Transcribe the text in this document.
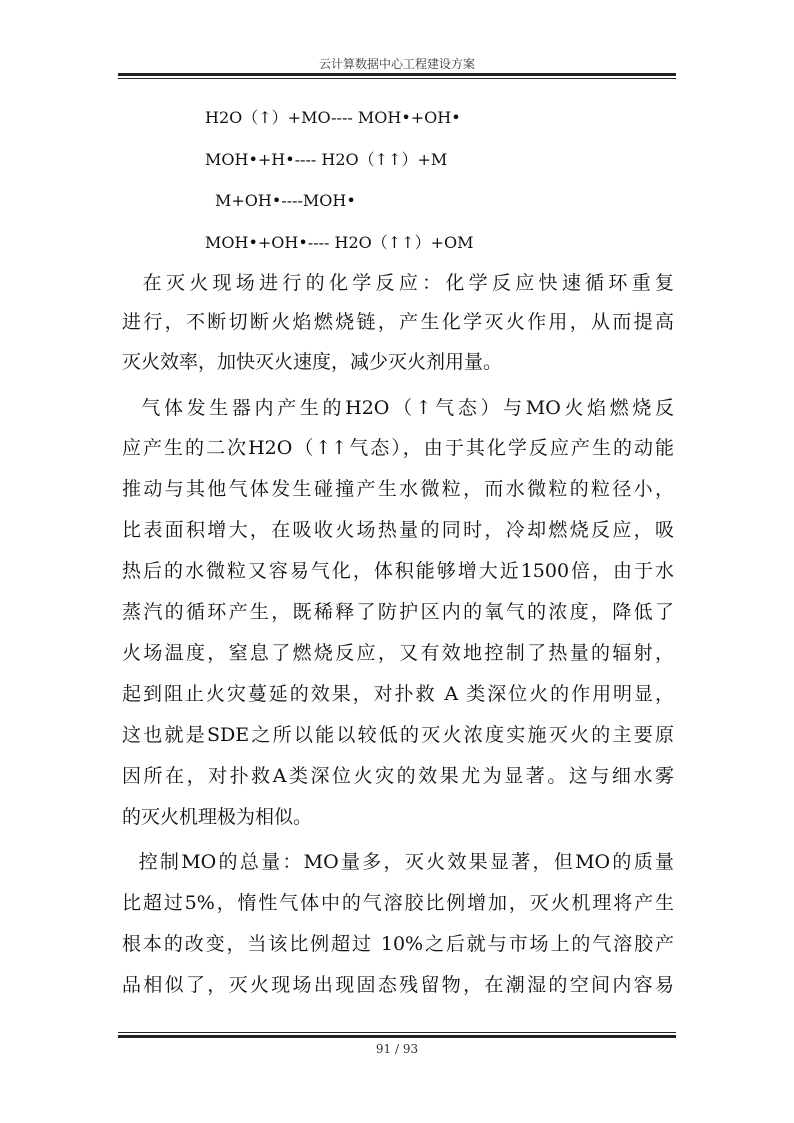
云计算数据中心工程建设方案
H2O（↑）+MO---- MOH•+OH•
MOH•+H•---- H2O（↑↑）+M
M+OH•----MOH•
MOH•+OH•---- H2O（↑↑）+OM
在灭火现场进行的化学反应：化学反应快速循环重复
进行，不断切断火焰燃烧链，产生化学灭火作用，从而提高
灭火效率，加快灭火速度，减少灭火剂用量。
气体发生器内产生的H2O（↑气态）与MO火焰燃烧反
应产生的二次H2O（↑↑气态），由于其化学反应产生的动能
推动与其他气体发生碰撞产生水微粒，而水微粒的粒径小，
比表面积增大，在吸收火场热量的同时，冷却燃烧反应，吸
热后的水微粒又容易气化，体积能够增大近1500倍，由于水
蒸汽的循环产生，既稀释了防护区内的氧气的浓度，降低了
火场温度，窒息了燃烧反应，又有效地控制了热量的辐射，
起到阻止火灾蔓延的效果，对扑救 A 类深位火的作用明显，
这也就是SDE之所以能以较低的灭火浓度实施灭火的主要原
因所在，对扑救A类深位火灾的效果尤为显著。这与细水雾
的灭火机理极为相似。
控制MO的总量：MO量多，灭火效果显著，但MO的质量
比超过5%，惰性气体中的气溶胶比例增加，灭火机理将产生
根本的改变，当该比例超过 10%之后就与市场上的气溶胶产
品相似了，灭火现场出现固态残留物，在潮湿的空间内容易
91 / 93
